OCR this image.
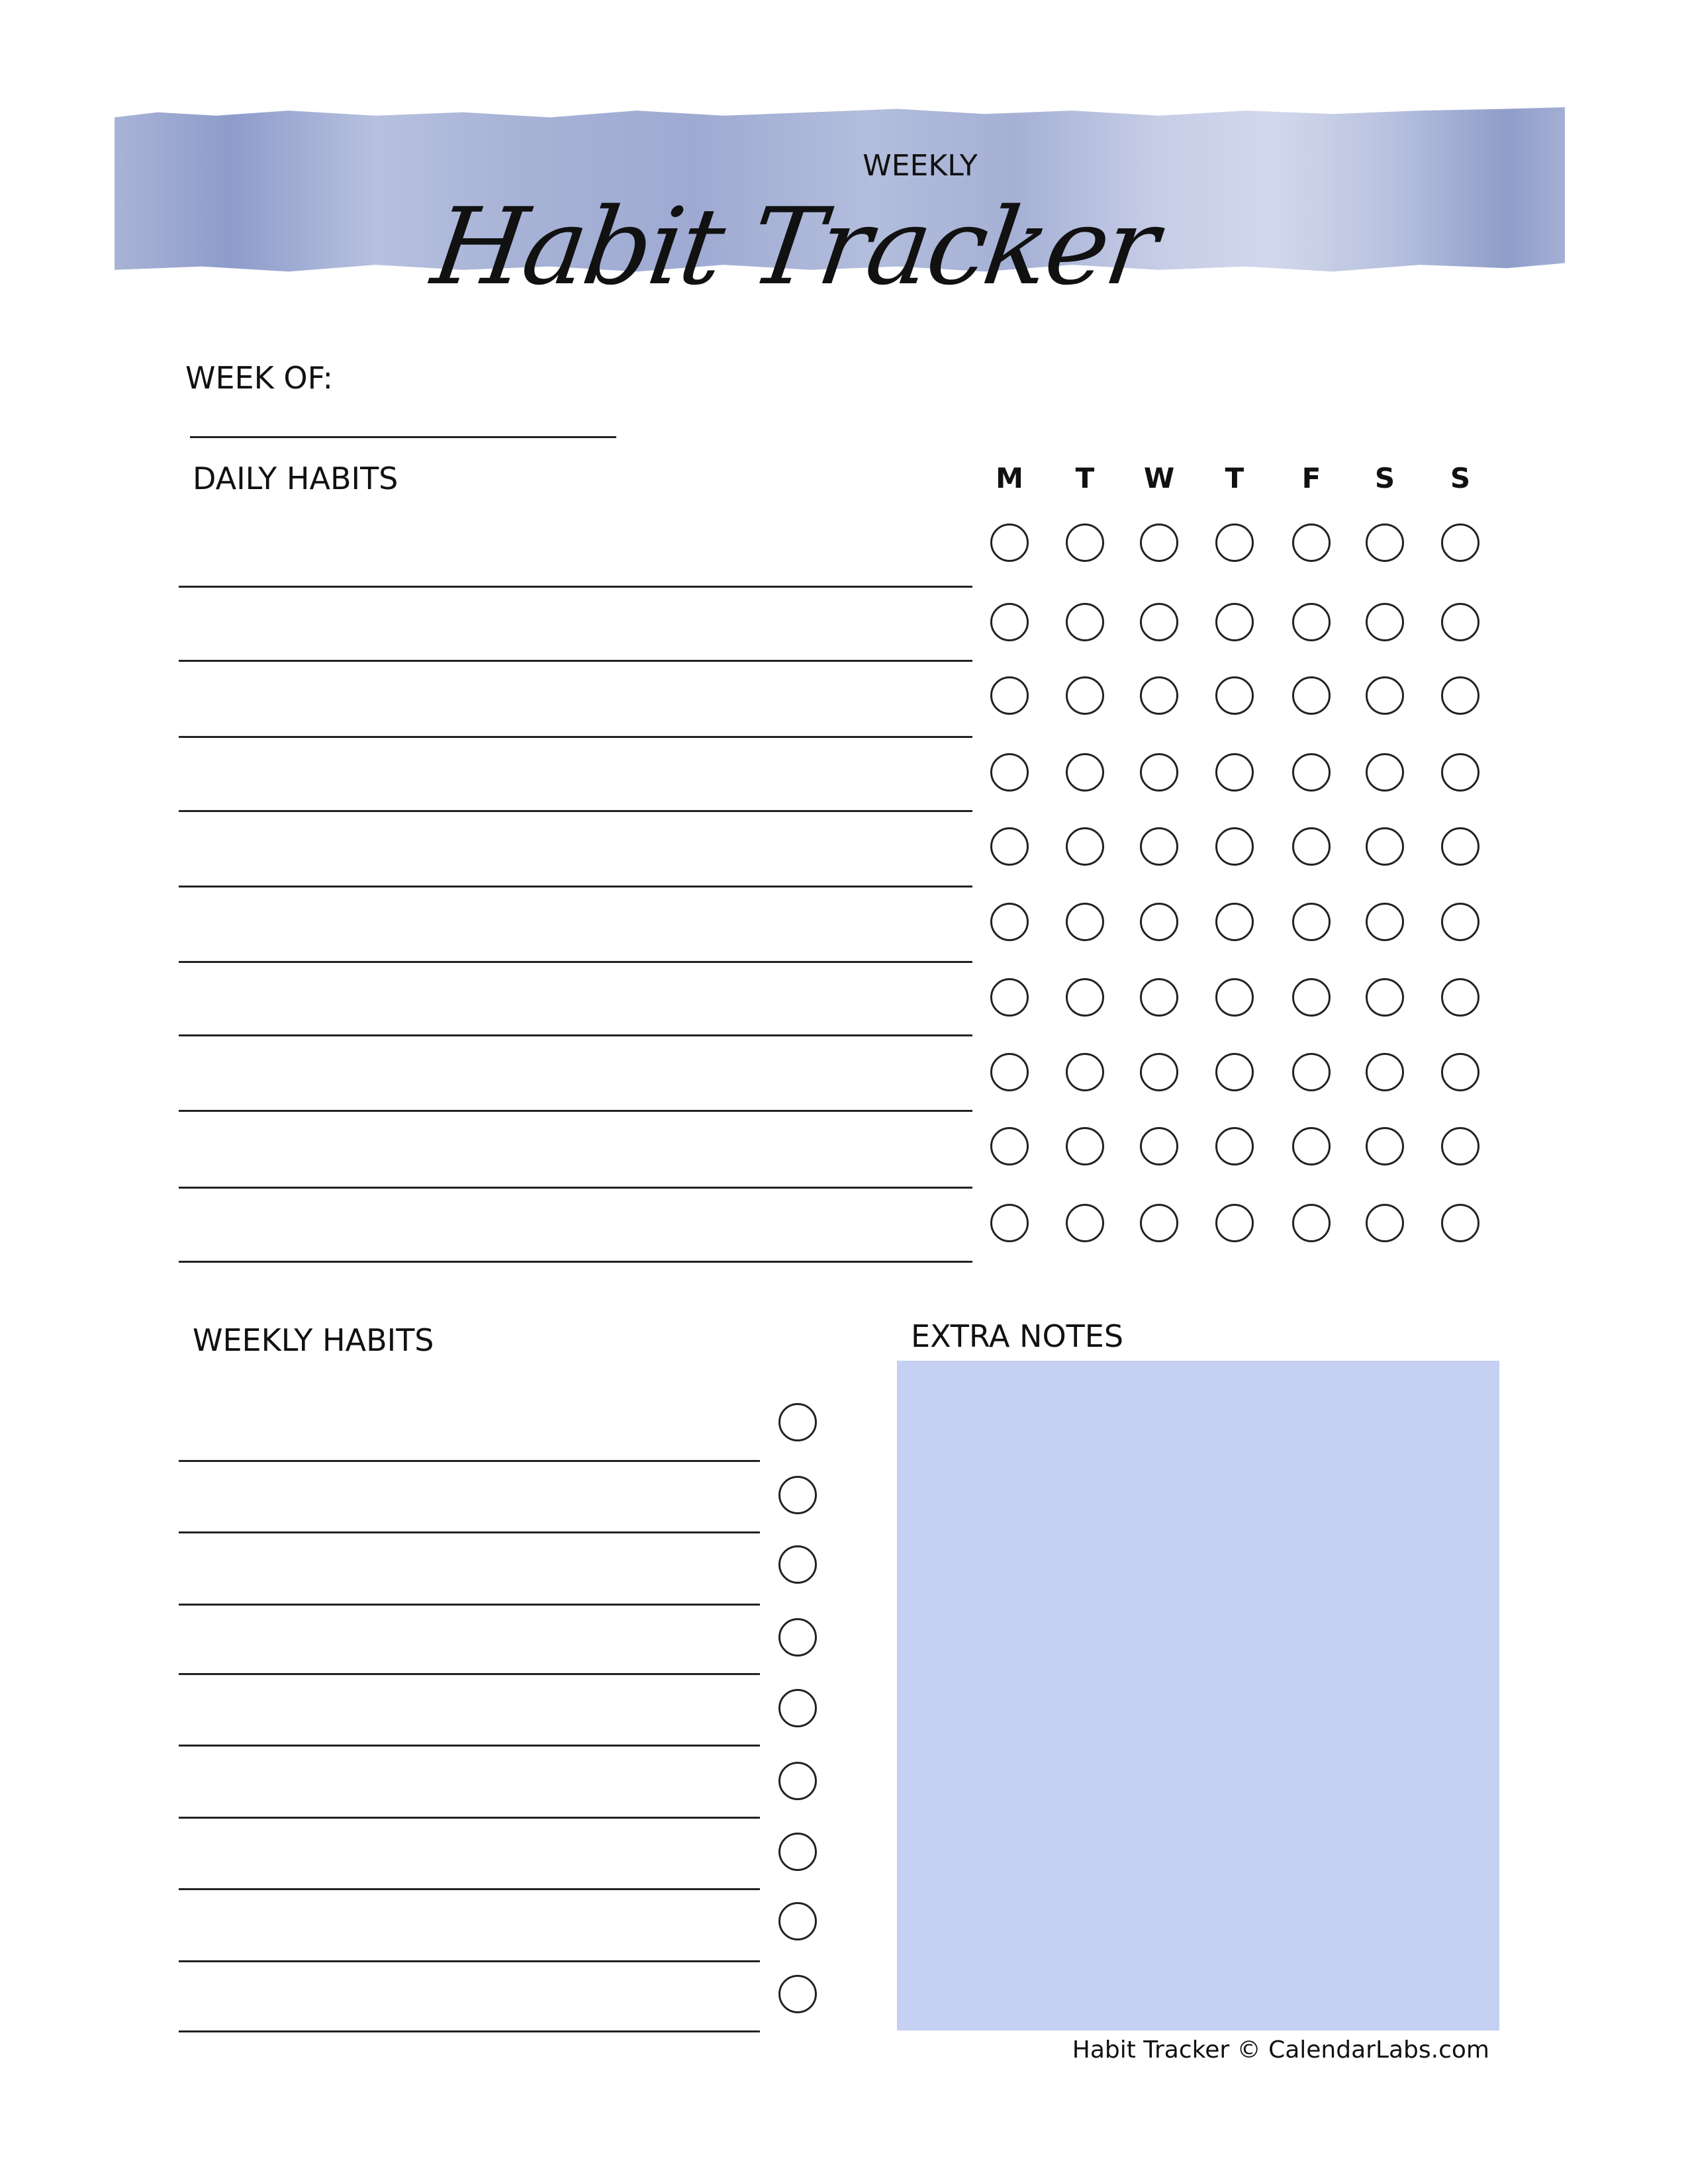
WEEKLY
Habit Tracker
WEEK OF:
DAILY HABITS	M	T	W	T	F	S	S
WEEKLY HABITS	EXTRA NOTES
Habit Tracker © CalendarLabs.com
